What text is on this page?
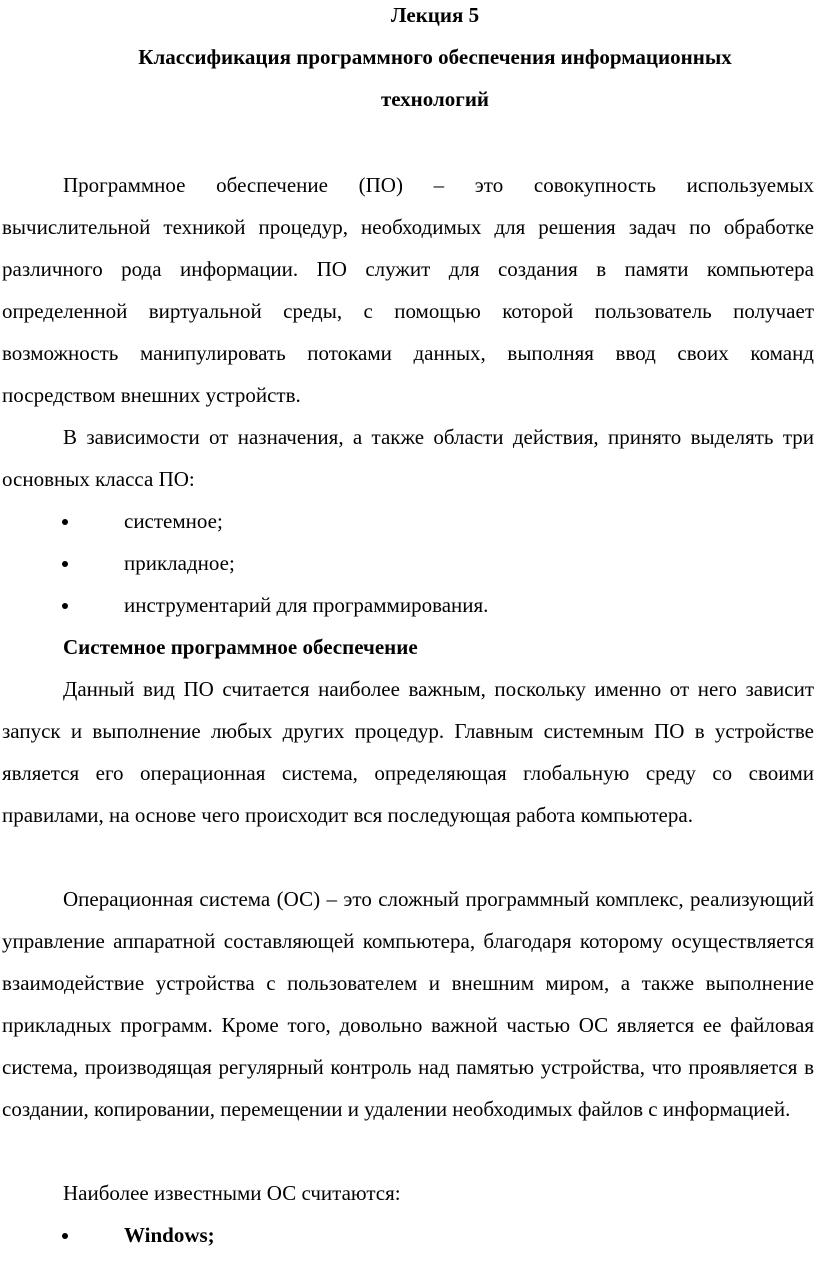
Лекция 5
Классификация программного обеспечения информационных
технологий

Программное обеспечение (ПО) – это совокупность используемых вычислительной техникой процедур, необходимых для решения задач по обработке различного рода информации. ПО служит для создания в памяти компьютера определенной виртуальной среды, с помощью которой пользователь получает возможность манипулировать потоками данных, выполняя ввод своих команд посредством внешних устройств.

В зависимости от назначения, а также области действия, принято выделять три основных класса ПО:

системное;
прикладное;
инструментарий для программирования.
Системное программное обеспечение

Данный вид ПО считается наиболее важным, поскольку именно от него зависит запуск и выполнение любых других процедур. Главным системным ПО в устройстве является его операционная система, определяющая глобальную среду со своими правилами, на основе чего происходит вся последующая работа компьютера.

Операционная система (ОС) – это сложный программный комплекс, реализующий управление аппаратной составляющей компьютера, благодаря которому осуществляется взаимодействие устройства с пользователем и внешним миром, а также выполнение прикладных программ. Кроме того, довольно важной частью ОС является ее файловая система, производящая регулярный контроль над памятью устройства, что проявляется в создании, копировании, перемещении и удалении необходимых файлов с информацией.

Наиболее известными ОС считаются:

Windows;
